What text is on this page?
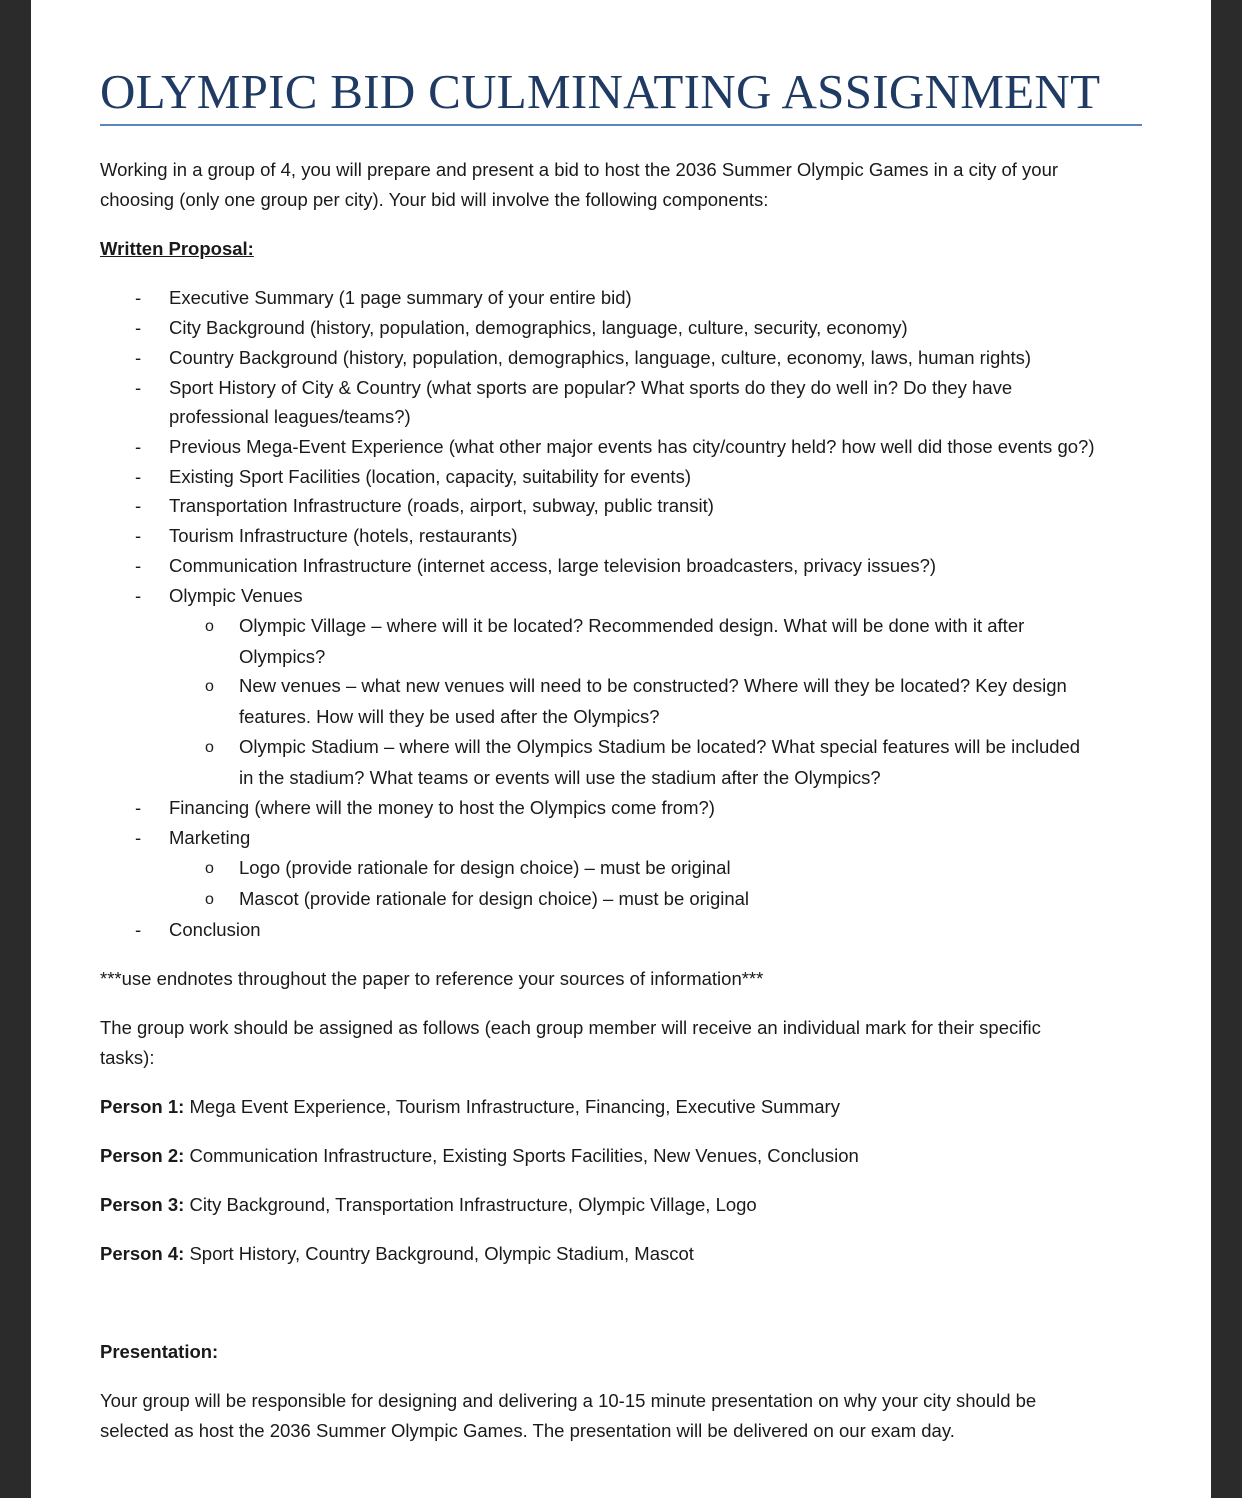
OLYMPIC BID CULMINATING ASSIGNMENT
Working in a group of 4, you will prepare and present a bid to host the 2036 Summer Olympic Games in a city of your
choosing (only one group per city). Your bid will involve the following components:
Written Proposal:
- Executive Summary (1 page summary of your entire bid)
- City Background (history, population, demographics, language, culture, security, economy)
- Country Background (history, population, demographics, language, culture, economy, laws, human rights)
- Sport History of City & Country (what sports are popular? What sports do they do well in? Do they have
professional leagues/teams?)
- Previous Mega-Event Experience (what other major events has city/country held? how well did those events go?)
- Existing Sport Facilities (location, capacity, suitability for events)
- Transportation Infrastructure (roads, airport, subway, public transit)
- Tourism Infrastructure (hotels, restaurants)
- Communication Infrastructure (internet access, large television broadcasters, privacy issues?)
- Olympic Venues
o Olympic Village – where will it be located? Recommended design. What will be done with it after
Olympics?
o New venues – what new venues will need to be constructed? Where will they be located? Key design
features. How will they be used after the Olympics?
o Olympic Stadium – where will the Olympics Stadium be located? What special features will be included
in the stadium? What teams or events will use the stadium after the Olympics?
- Financing (where will the money to host the Olympics come from?)
- Marketing
o Logo (provide rationale for design choice) – must be original
o Mascot (provide rationale for design choice) – must be original
- Conclusion
***use endnotes throughout the paper to reference your sources of information***
The group work should be assigned as follows (each group member will receive an individual mark for their specific
tasks):
Person 1: Mega Event Experience, Tourism Infrastructure, Financing, Executive Summary
Person 2: Communication Infrastructure, Existing Sports Facilities, New Venues, Conclusion
Person 3: City Background, Transportation Infrastructure, Olympic Village, Logo
Person 4: Sport History, Country Background, Olympic Stadium, Mascot
Presentation:
Your group will be responsible for designing and delivering a 10-15 minute presentation on why your city should be
selected as host the 2036 Summer Olympic Games. The presentation will be delivered on our exam day.
